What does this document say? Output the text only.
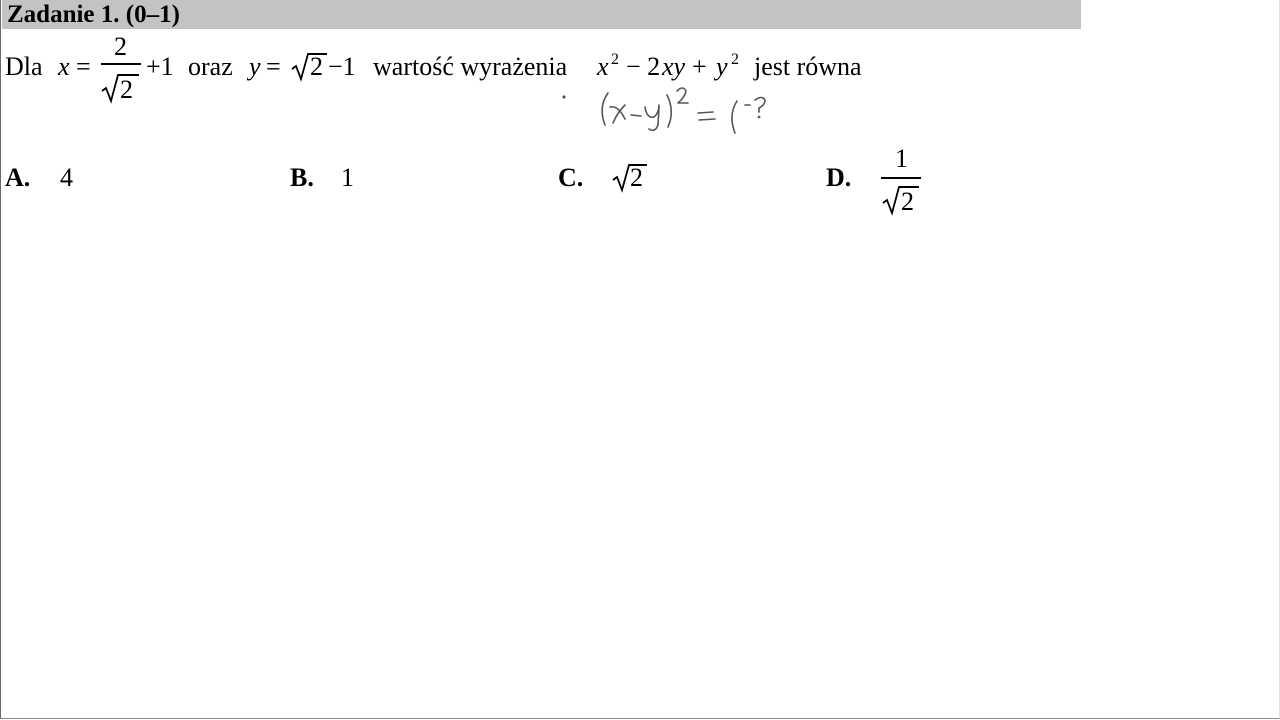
Zadanie 1. (0–1)
Dla x =
2
2
+1 oraz y = 2 −1 wartość wyrażenia x 2 − 2 xy + y 2 jest równa
A. 4	B. 1	C. 2	D.
1
2
